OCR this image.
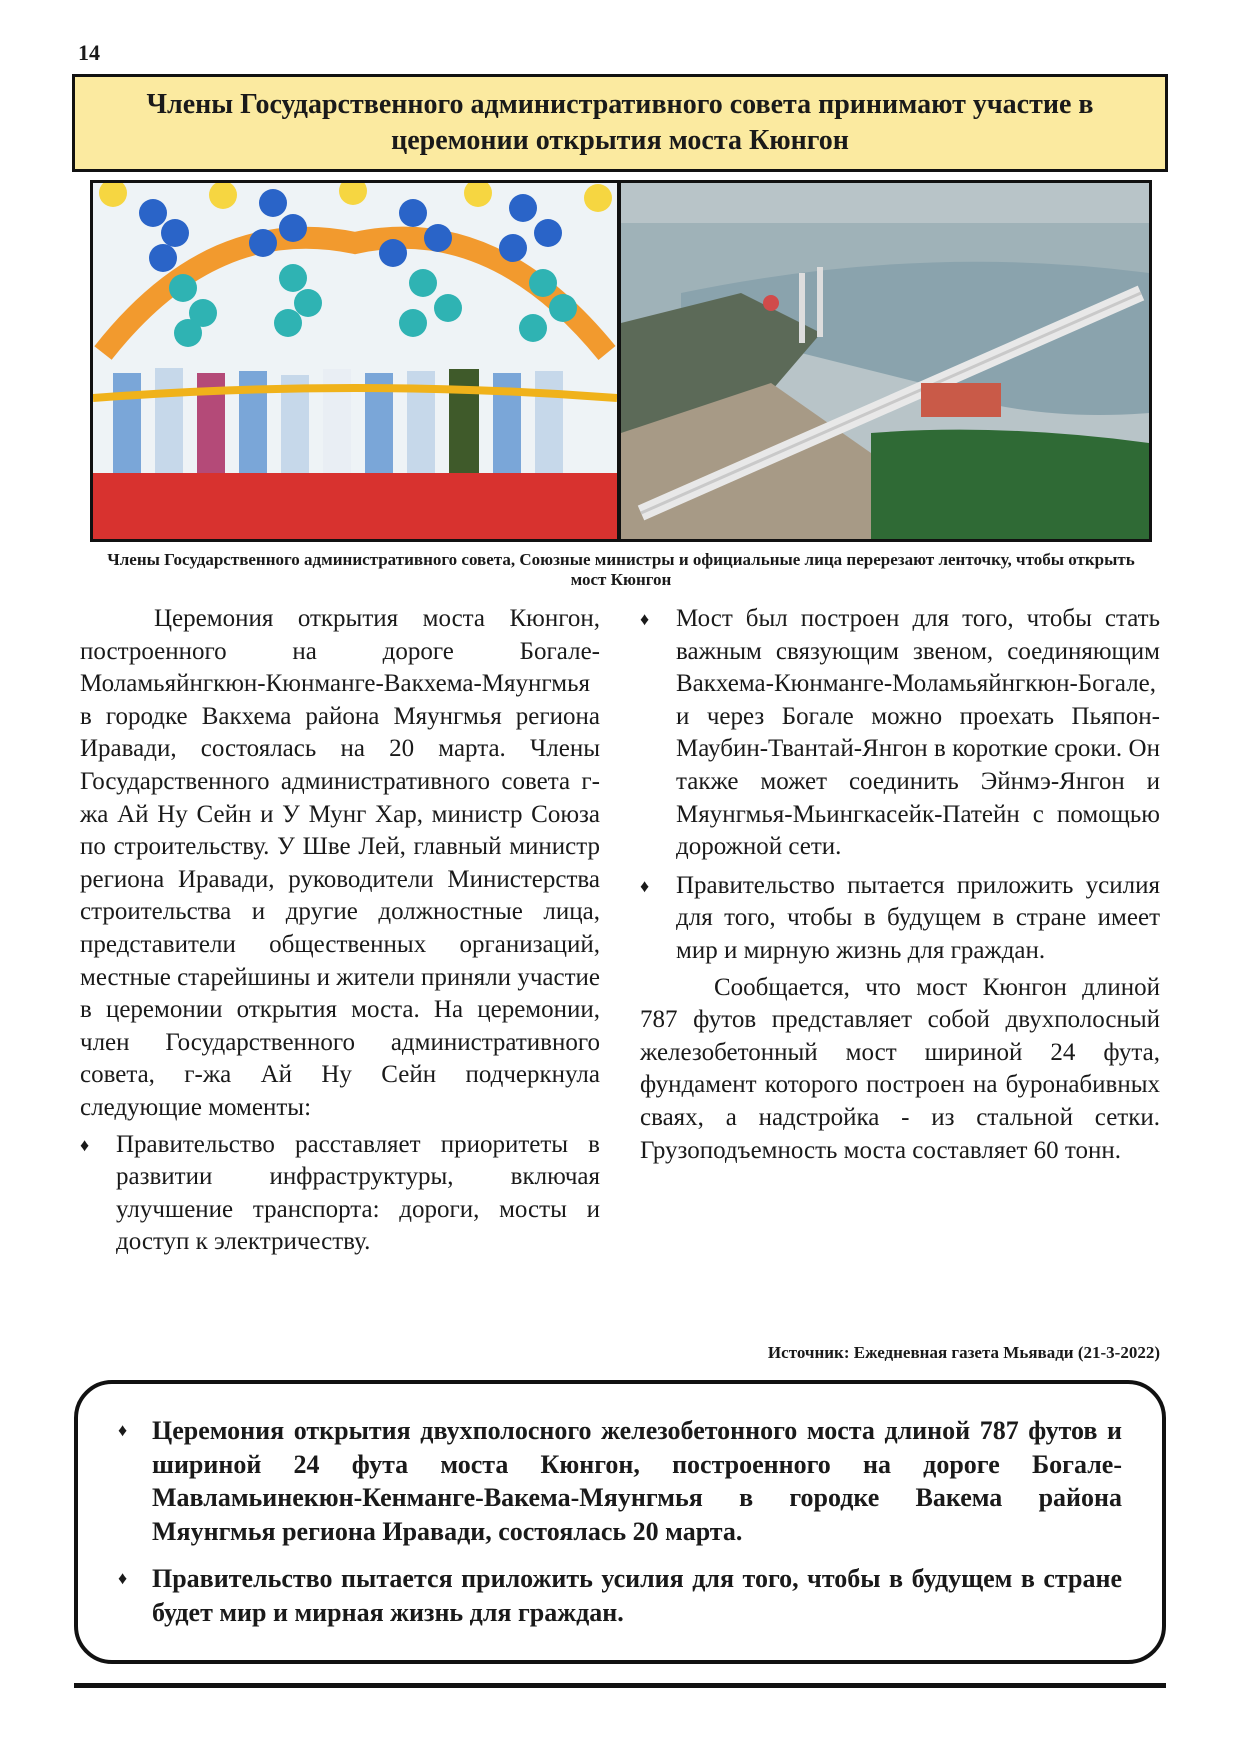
14
Члены Государственного административного совета принимают участие в церемонии открытия моста Кюнгон
Члены Государственного административного совета, Союзные министры и официальные лица перерезают ленточку, чтобы открыть мост Кюнгон

Церемония открытия моста Кюнгон, построенного на дороге Богале-Моламьяйнгкюн-Кюнманге-Вакхема-Мяунгмья в городке Вакхема района Мяунгмья региона Иравади, состоялась на 20 марта. Члены Государственного административного совета г-жа Ай Ну Сейн и У Мунг Хар, министр Союза по строительству. У Шве Лей, главный министр региона Иравади, руководители Министерства строительства и другие должностные лица, представители общественных организаций, местные старейшины и жители приняли участие в церемонии открытия моста. На церемонии, член Государственного административного совета, г-жа Ай Ну Сейн подчеркнула следующие моменты:

♦ Правительство расставляет приоритеты в развитии инфраструктуры, включая улучшение транспорта: дороги, мосты и доступ к электричеству.
♦ Мост был построен для того, чтобы стать важным связующим звеном, соединяющим Вакхема-Кюнманге-Моламьяйнгкюн-Богале, и через Богале можно проехать Пьяпон-Маубин-Твантай-Янгон в короткие сроки. Он также может соединить Эйнмэ-Янгон и Мяунгмья-Мьингкасейк-Патейн с помощью дорожной сети.
♦ Правительство пытается приложить усилия для того, чтобы в будущем в стране имеет мир и мирную жизнь для граждан.

Сообщается, что мост Кюнгон длиной 787 футов представляет собой двухполосный железобетонный мост шириной 24 фута, фундамент которого построен на буронабивных сваях, а надстройка - из стальной сетки. Грузоподъемность моста составляет 60 тонн.

Источник: Ежедневная газета Мьявади (21-3-2022)
♦ Церемония открытия двухполосного железобетонного моста длиной 787 футов и шириной 24 фута моста Кюнгон, построенного на дороге Богале-Мавламьинекюн-Кенманге-Вакема-Мяунгмья в городке Вакема района Мяунгмья региона Иравади, состоялась 20 марта.
♦ Правительство пытается приложить усилия для того, чтобы в будущем в стране будет мир и мирная жизнь для граждан.
